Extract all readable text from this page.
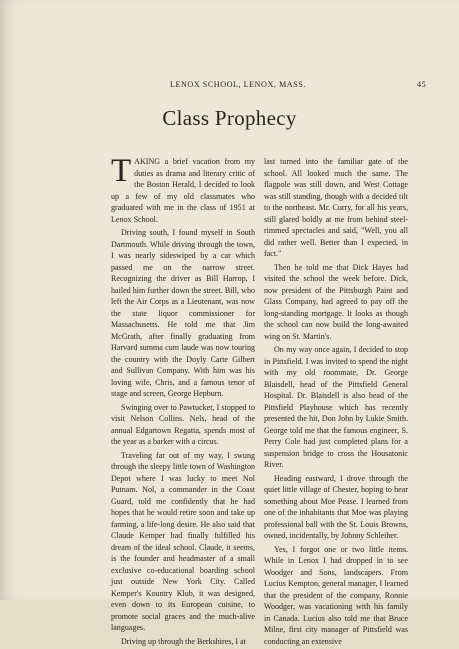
LENOX SCHOOL, LENOX, MASS.	45
Class Prophecy

TAKING a brief vacation from my duties as drama and literary critic of the Boston Herald, I decided to look up a few of my old classmates who graduated with me in the class of 1951 at Lenox School.

Driving south, I found myself in South Dartmouth. While driving through the town, I was nearly sideswiped by a car which passed me on the narrow street. Recognizing the driver as Bill Harrop, I hailed him further down the street. Bill, who left the Air Corps as a Lieutenant, was now the state liquor commissioner for Massachusetts. He told me that Jim McGrath, after finally graduating from Harvard summa cum laude was now touring the country with the Doyly Carte Gilbert and Sullivan Company. With him was his loving wife, Chris, and a famous tenor of stage and screen, George Hepburn.

Swinging over to Pawtucket, I stopped to visit Nelson Collins. Nels, head of the annual Edgartown Regatta, spends most of the year as a barker with a circus.

Traveling far out of my way, I swung through the sleepy little town of Washington Depot where I was lucky to meet Nol Putnam. Nol, a commander in the Coast Guard, told me confidently that he had hopes that he would retire soon and take up farming, a life-long desire. He also said that Claude Kemper had finally fulfilled his dream of the ideal school. Claude, it seems, is the founder and headmaster of a small exclusive co-educational boarding school just outside New York City. Called Kemper's Kountry Klub, it was designed, even down to its European cuisine, to promote social graces and the much-alive languages.

Driving up through the Berkshires, I at

last turned into the familiar gate of the school. All looked much the same. The flagpole was still down, and West Cottage was still standing, though with a decided tilt to the northeast. Mr. Curry, for all his years, still glared boldly at me from behind steel-rimmed spectacles and said, "Well, you all did rather well. Better than I expected, in fact."

Then he told me that Dick Hayes had visited the school the week before. Dick, now president of the Pittsburgh Paint and Glass Company, had agreed to pay off the long-standing mortgage. It looks as though the school can now build the long-awaited wing on St. Martin's.

On my way once again, I decided to stop in Pittsfield. I was invited to spend the night with my old roommate, Dr. George Blaisdell, head of the Pittsfield General Hospital. Dr. Blaisdell is also head of the Pittsfield Playhouse which has recently presented the hit, Don John by Lukie Smith. George told me that the famous engineer, S. Perry Cole had just completed plans for a suspension bridge to cross the Housatonic River.

Heading eastward, I drove through the quiet little village of Chester, hoping to hear something about Moe Pease. I learned from one of the inhabitants that Moe was playing professional ball with the St. Louis Browns, owned, incidentally, by Johnny Schleiher.

Yes, I forgot one or two little items. While in Lenox I had dropped in to see Woodger and Sons, landscapers. From Lucius Kempton, general manager, I learned that the president of the company, Ronnie Woodger, was vacationing with his family in Canada. Lucius also told me that Bruce Milne, first city manager of Pittsfield was conducting an extensive
